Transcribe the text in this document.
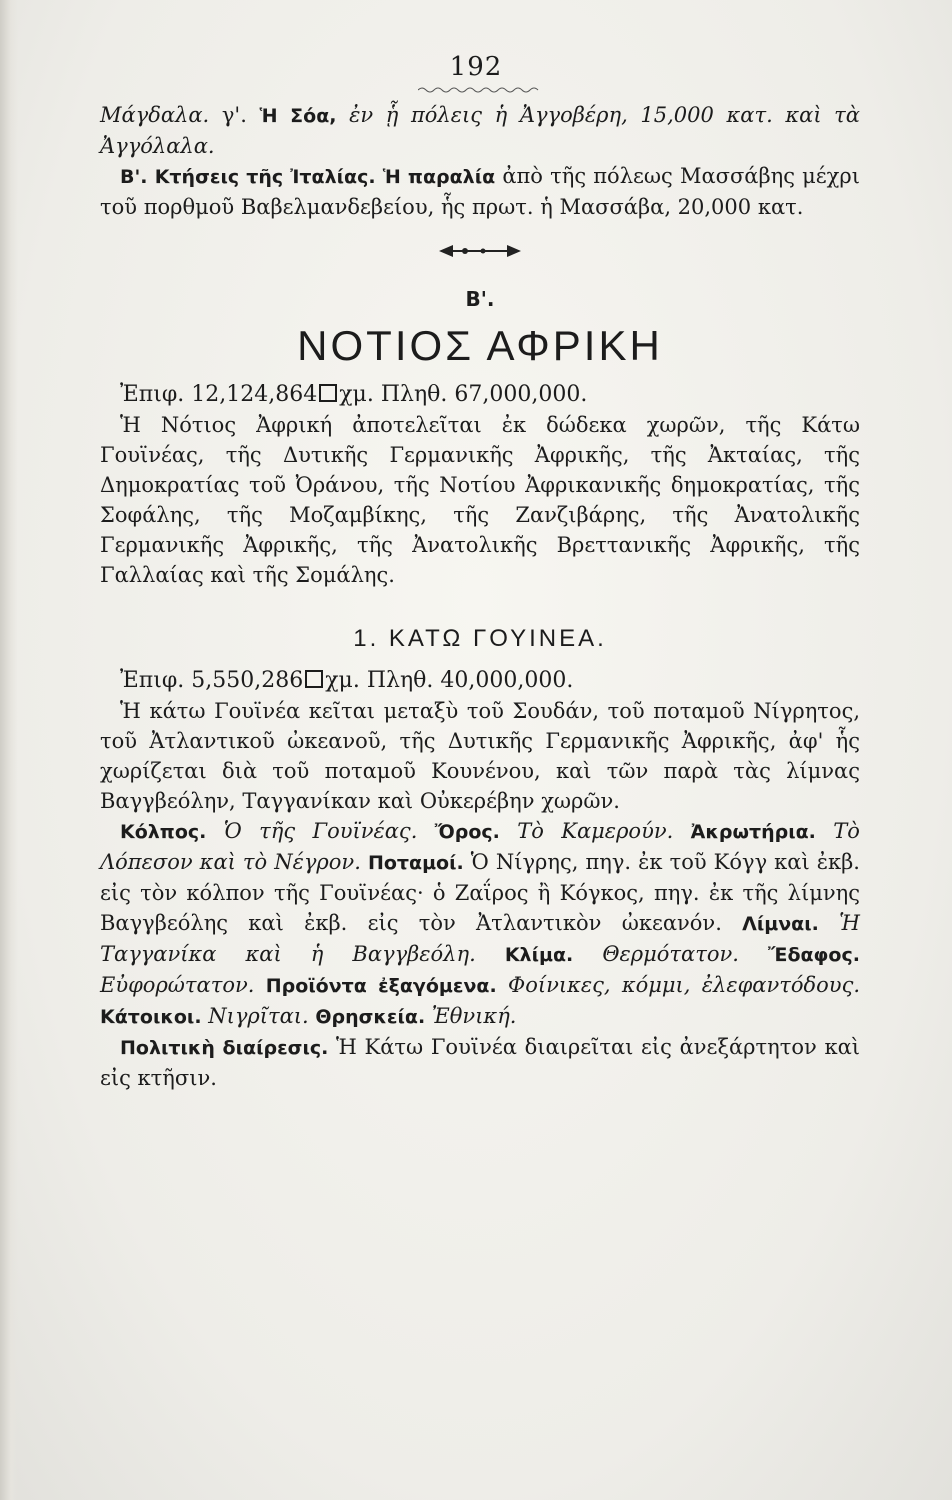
192

Μάγδαλα. γ'. Ἡ Σόα, ἐν ᾗ πόλεις ἡ Ἀγγοβέρη, 15,000 κατ. καὶ τὰ Ἀγγόλαλα.

Β'. Κτήσεις τῆς Ἰταλίας. Ἡ παραλία ἀπὸ τῆς πόλεως Μασσάβης μέχρι τοῦ πορθμοῦ Βαβελμανδεβείου, ἧς πρωτ. ἡ Μασσάβα, 20,000 κατ.

Β'.
ΝΟΤΙΟΣ ΑΦΡΙΚΗ

Ἐπιφ. 12,124,864 χμ. Πληθ. 67,000,000.

Ἡ Νότιος Ἀφρική ἀποτελεῖται ἐκ δώδεκα χωρῶν, τῆς Κάτω Γουϊνέας, τῆς Δυτικῆς Γερμανικῆς Ἀφρικῆς, τῆς Ἀκταίας, τῆς Δημοκρατίας τοῦ Ὀράνου, τῆς Νοτίου Ἀφρικανικῆς δημοκρατίας, τῆς Σοφάλης, τῆς Μοζαμβίκης, τῆς Ζανζιβάρης, τῆς Ἀνατολικῆς Γερμανικῆς Ἀφρικῆς, τῆς Ἀνατολικῆς Βρεττανικῆς Ἀφρικῆς, τῆς Γαλλαίας καὶ τῆς Σομάλης.

1. ΚΑΤΩ ΓΟΥΙΝΕΑ.

Ἐπιφ. 5,550,286 χμ. Πληθ. 40,000,000.

Ἡ κάτω Γουϊνέα κεῖται μεταξὺ τοῦ Σουδάν, τοῦ ποταμοῦ Νίγρητος, τοῦ Ἀτλαντικοῦ ὠκεανοῦ, τῆς Δυτικῆς Γερμανικῆς Ἀφρικῆς, ἀφ' ἧς χωρίζεται διὰ τοῦ ποταμοῦ Κουνένου, καὶ τῶν παρὰ τὰς λίμνας Βαγγβεόλην, Ταγγανίκαν καὶ Οὐκερέβην χωρῶν.

Κόλπος. Ὁ τῆς Γουϊνέας. Ὄρος. Τὸ Καμερούν. Ἀκρωτήρια. Τὸ Λόπεσον καὶ τὸ Νέγρον. Ποταμοί. Ὁ Νίγρης, πηγ. ἐκ τοῦ Κόγγ καὶ ἐκβ. εἰς τὸν κόλπον τῆς Γουϊνέας· ὁ Ζαΐρος ἢ Κόγκος, πηγ. ἐκ τῆς λίμνης Βαγγβεόλης καὶ ἐκβ. εἰς τὸν Ἀτλαντικὸν ὠκεανόν. Λίμναι. Ἡ Ταγγανίκα καὶ ἡ Βαγγβεόλη. Κλίμα. Θερμότατον. Ἔδαφος. Εὐφορώτατον. Προϊόντα ἐξαγόμενα. Φοίνικες, κόμμι, ἐλεφαντόδους. Κάτοικοι. Νιγρῖται. Θρησκεία. Ἐθνική.

Πολιτικὴ διαίρεσις. Ἡ Κάτω Γουϊνέα διαιρεῖται εἰς ἀνεξάρτητον καὶ εἰς κτῆσιν.
